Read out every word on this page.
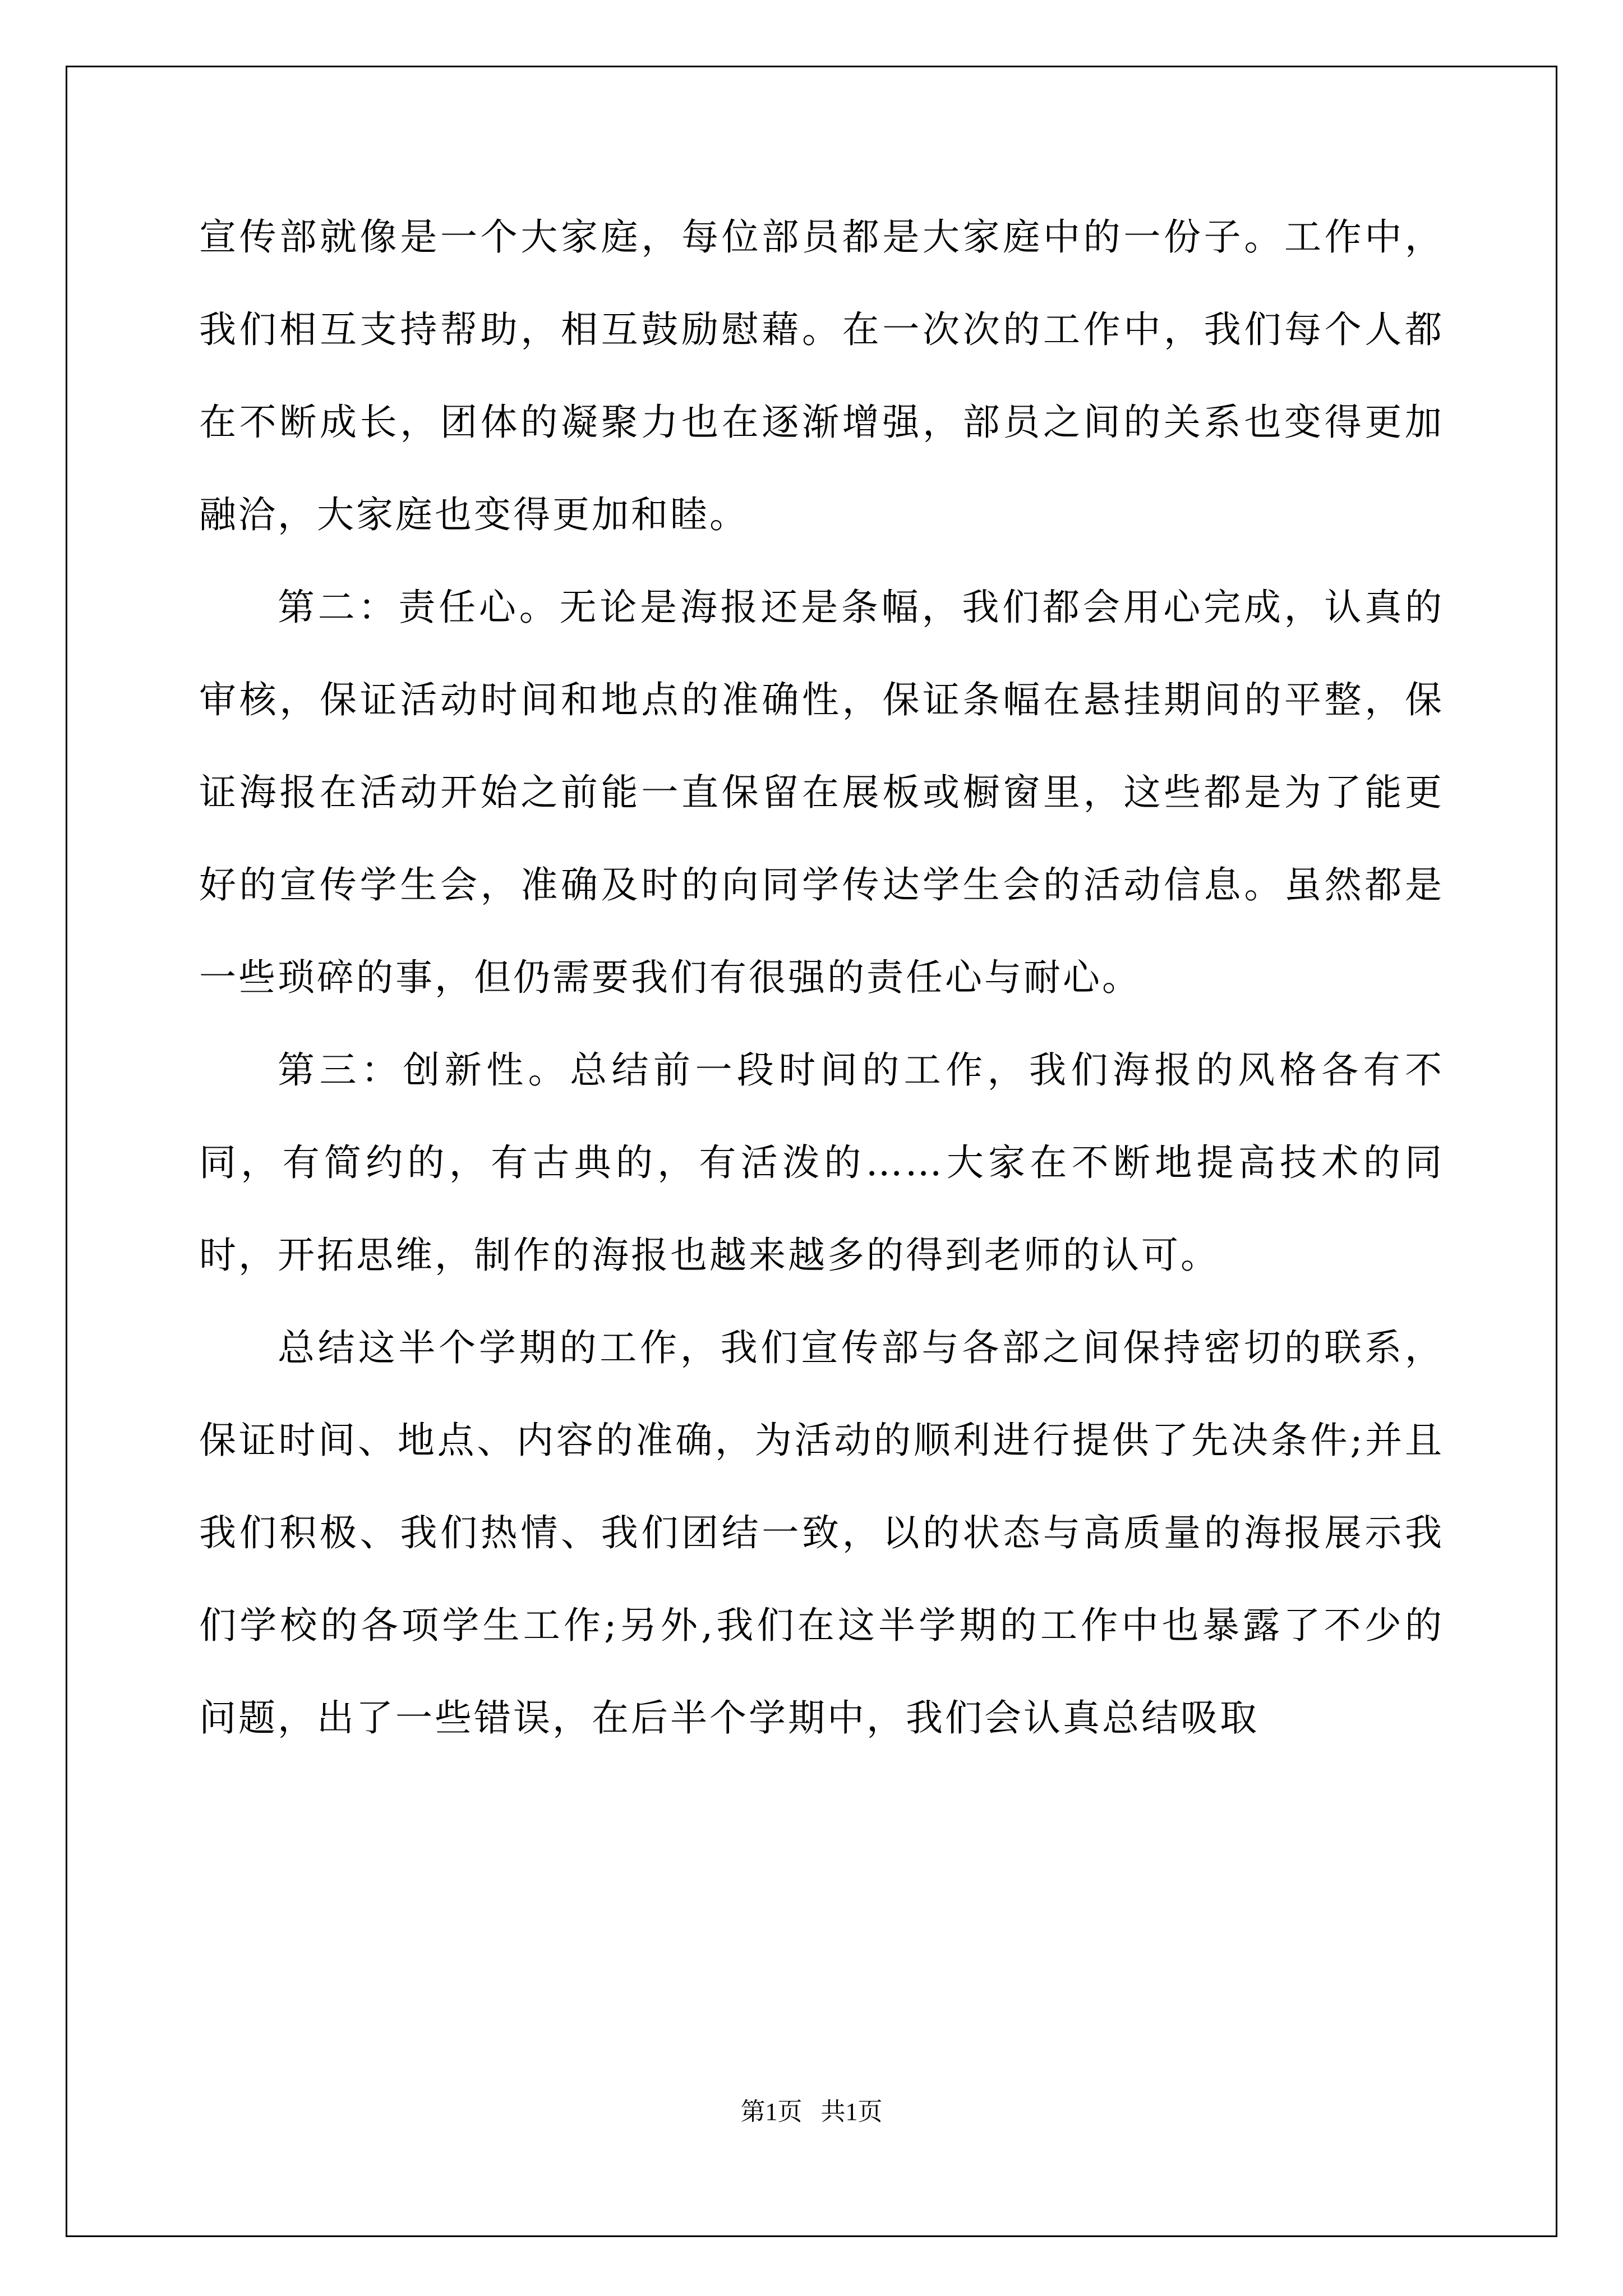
宣传部就像是一个大家庭，每位部员都是大家庭中的一份子。工作中，我们相互支持帮助，相互鼓励慰藉。在一次次的工作中，我们每个人都在不断成长，团体的凝聚力也在逐渐增强，部员之间的关系也变得更加融洽，大家庭也变得更加和睦。

第二：责任心。无论是海报还是条幅，我们都会用心完成，认真的审核，保证活动时间和地点的准确性，保证条幅在悬挂期间的平整，保证海报在活动开始之前能一直保留在展板或橱窗里，这些都是为了能更好的宣传学生会，准确及时的向同学传达学生会的活动信息。虽然都是一些琐碎的事，但仍需要我们有很强的责任心与耐心。

第三：创新性。总结前一段时间的工作，我们海报的风格各有不同，有简约的，有古典的，有活泼的……大家在不断地提高技术的同时，开拓思维，制作的海报也越来越多的得到老师的认可。

总结这半个学期的工作，我们宣传部与各部之间保持密切的联系，保证时间、地点、内容的准确，为活动的顺利进行提供了先决条件;并且我们积极、我们热情、我们团结一致，以的状态与高质量的海报展示我们学校的各项学生工作;另外,我们在这半学期的工作中也暴露了不少的问题，出了一些错误，在后半个学期中，我们会认真总结吸取

第1页   共1页
